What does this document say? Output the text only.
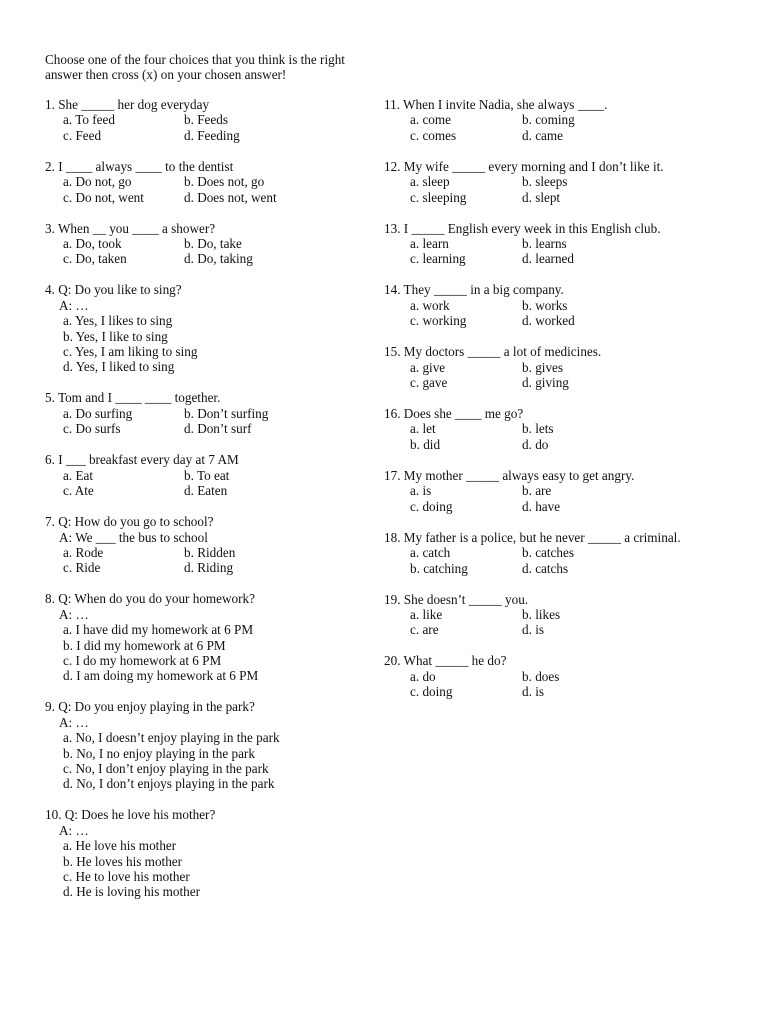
Choose one of the four choices that you think is the right
answer then cross (x) on your chosen answer!
1. She _____ her dog everyday
a. To feed	b. Feeds
c. Feed	d. Feeding
2. I ____ always ____ to the dentist
a. Do not, go	b. Does not, go
c. Do not, went	d. Does not, went
3. When __ you ____ a shower?
a. Do, took	b. Do, take
c. Do, taken	d. Do, taking
4. Q: Do you like to sing?
A: …
a. Yes, I likes to sing
b. Yes, I like to sing
c. Yes, I am liking to sing
d. Yes, I liked to sing
5. Tom and I ____ ____ together.
a. Do surfing	b. Don’t surfing
c. Do surfs	d. Don’t surf
6. I ___ breakfast every day at 7 AM
a. Eat	b. To eat
c. Ate	d. Eaten
7. Q: How do you go to school?
A: We ___ the bus to school
a. Rode	b. Ridden
c. Ride	d. Riding
8. Q: When do you do your homework?
A: …
a. I have did my homework at 6 PM
b. I did my homework at 6 PM
c. I do my homework at 6 PM
d. I am doing my homework at 6 PM
9. Q: Do you enjoy playing in the park?
A: …
a. No, I doesn’t enjoy playing in the park
b. No, I no enjoy playing in the park
c. No, I don’t enjoy playing in the park
d. No, I don’t enjoys playing in the park
10. Q: Does he love his mother?
A: …
a. He love his mother
b. He loves his mother
c. He to love his mother
d. He is loving his mother
11. When I invite Nadia, she always ____.
a. come	b. coming
c. comes	d. came
12. My wife _____ every morning and I don’t like it.
a. sleep	b. sleeps
c. sleeping	d. slept
13. I _____ English every week in this English club.
a. learn	b. learns
c. learning	d. learned
14. They _____ in a big company.
a. work	b. works
c. working	d. worked
15. My doctors _____ a lot of medicines.
a. give	b. gives
c. gave	d. giving
16. Does she ____ me go?
a. let	b. lets
b. did	d. do
17. My mother _____ always easy to get angry.
a. is	b. are
c. doing	d. have
18. My father is a police, but he never _____ a criminal.
a. catch	b. catches
b. catching	d. catchs
19. She doesn’t _____ you.
a. like	b. likes
c. are	d. is
20. What _____ he do?
a. do	b. does
c. doing	d. is
